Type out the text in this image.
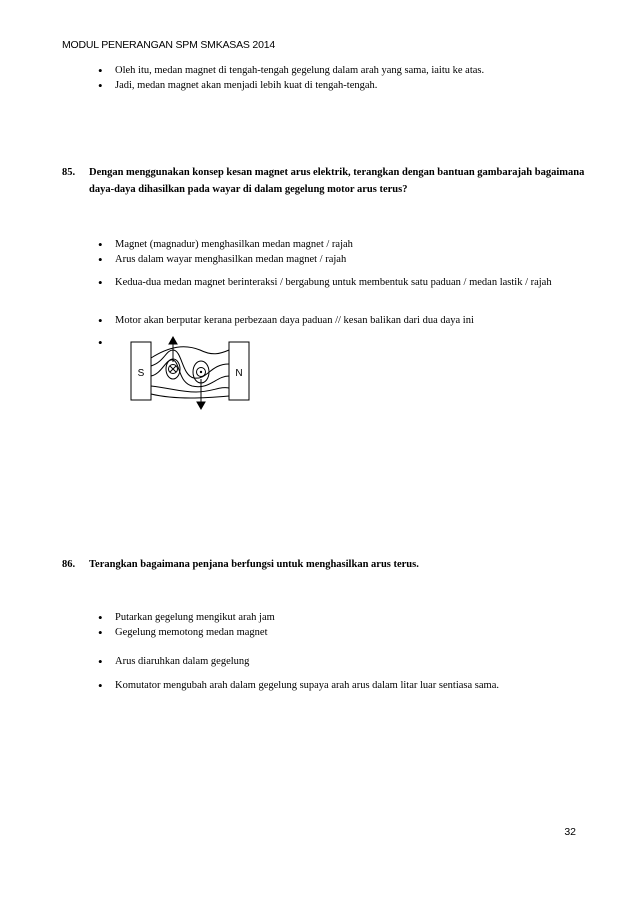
MODUL PENERANGAN SPM SMKASAS 2014
• Oleh itu, medan magnet di tengah-tengah gegelung dalam arah yang sama, iaitu ke atas.
• Jadi, medan magnet akan menjadi lebih kuat di tengah-tengah.
85. Dengan menggunakan konsep kesan magnet arus elektrik, terangkan dengan bantuan gambarajah bagaimana daya-daya dihasilkan pada wayar di dalam gegelung motor arus terus?
• Magnet (magnadur) menghasilkan medan magnet / rajah
• Arus dalam wayar menghasilkan medan magnet / rajah
• Kedua-dua medan magnet berinteraksi / bergabung untuk membentuk satu paduan / medan lastik / rajah
• Motor akan berputar kerana perbezaan daya paduan // kesan balikan dari dua daya ini
•
S	N
86. Terangkan bagaimana penjana berfungsi untuk menghasilkan arus terus.
• Putarkan gegelung mengikut arah jam
• Gegelung memotong medan magnet
• Arus diaruhkan dalam gegelung
• Komutator mengubah arah dalam gegelung supaya arah arus dalam litar luar sentiasa sama.
32
